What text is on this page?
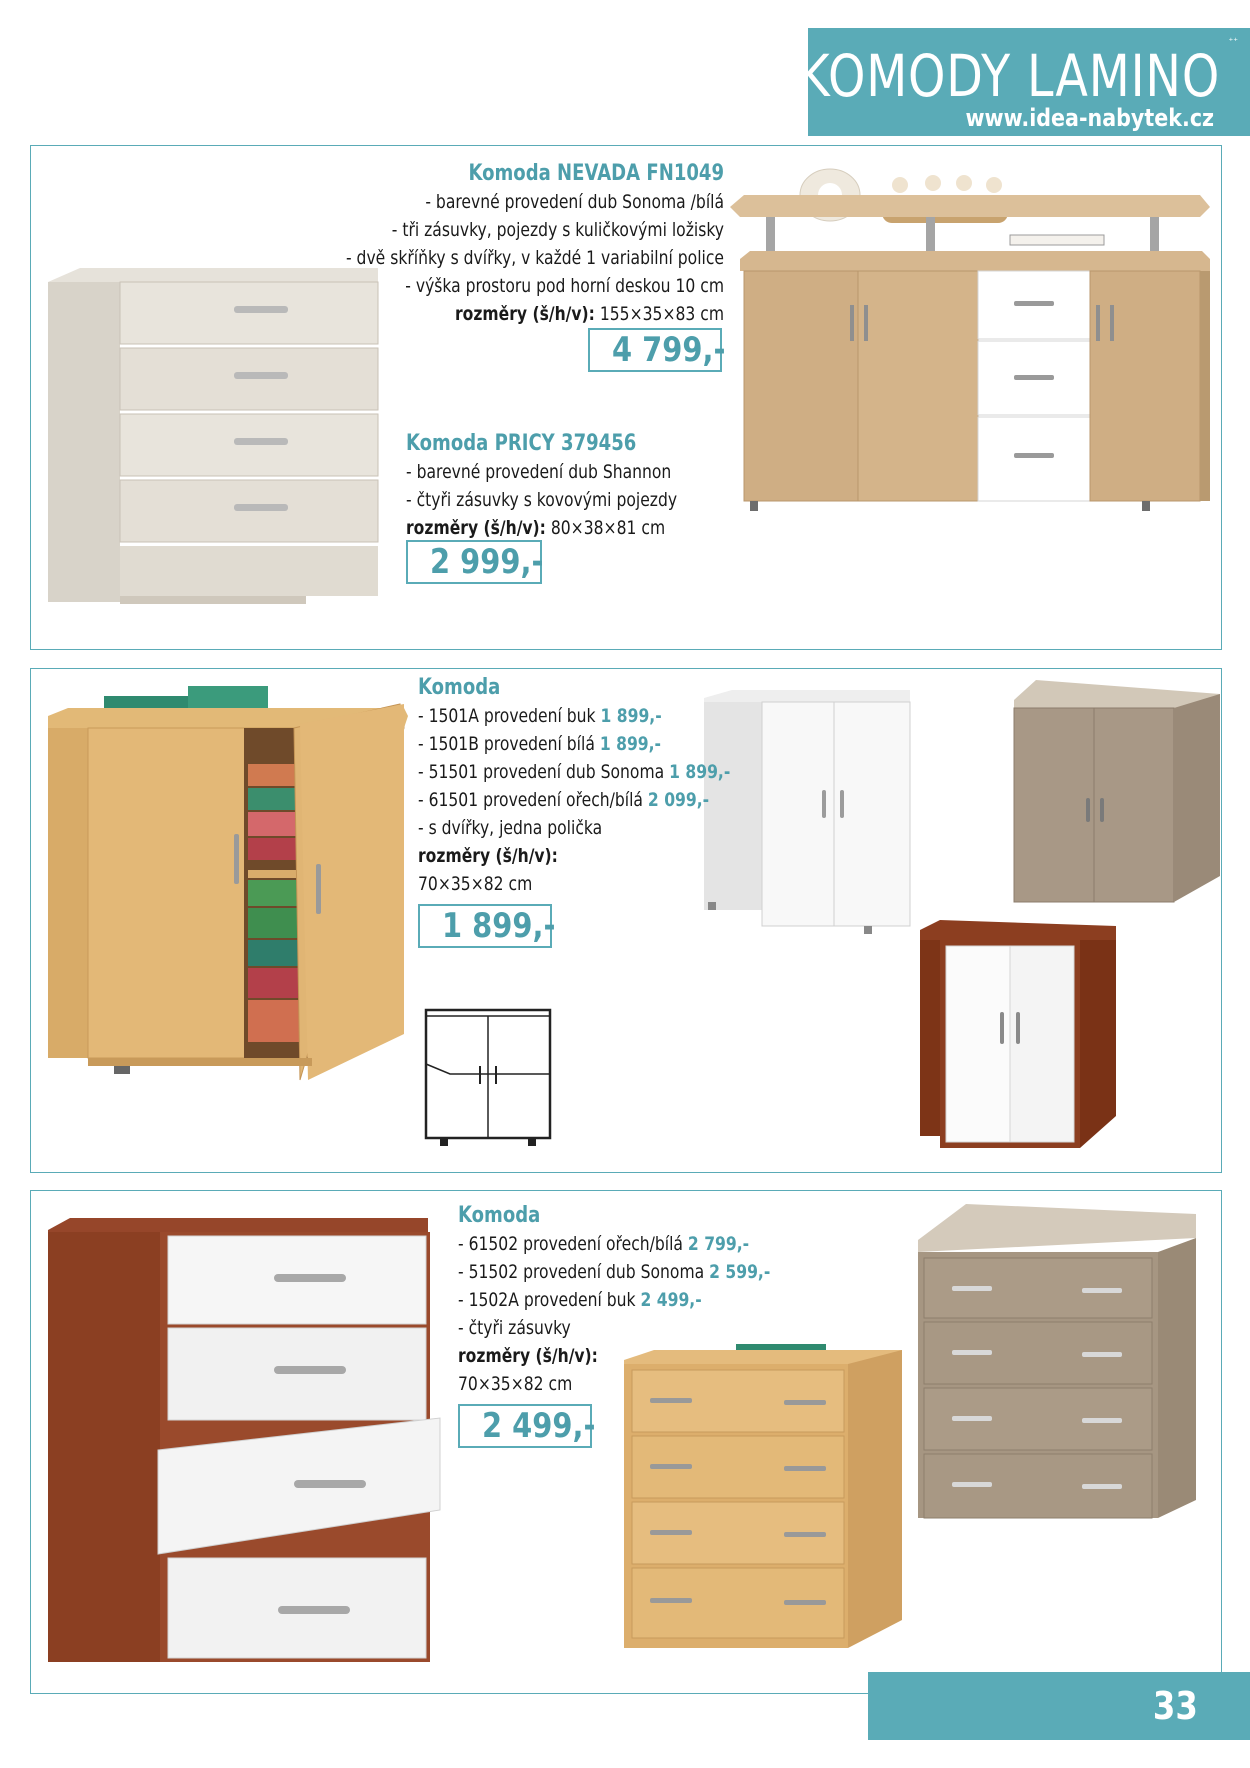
KOMODY LAMINO
www.idea-nabytek.cz
⁺⁺
Komoda NEVADA FN1049
- barevné provedení dub Sonoma /bílá
- tři zásuvky, pojezdy s kuličkovými ložisky
- dvě skříňky s dvířky, v každé 1 variabilní police
- výška prostoru pod horní deskou 10 cm
rozměry (š/h/v): 155×35×83 cm
4 799,-
Komoda PRICY 379456
- barevné provedení dub Shannon
- čtyři zásuvky s kovovými pojezdy
rozměry (š/h/v): 80×38×81 cm
2 999,-
Komoda
- 1501A provedení buk 1 899,-
- 1501B provedení bílá 1 899,-
- 51501 provedení dub Sonoma 1 899,-
- 61501 provedení ořech/bílá 2 099,-
- s dvířky, jedna polička
rozměry (š/h/v):
70×35×82 cm
1 899,-
Komoda
- 61502 provedení ořech/bílá 2 799,-
- 51502 provedení dub Sonoma 2 599,-
- 1502A provedení buk 2 499,-
- čtyři zásuvky
rozměry (š/h/v):
70×35×82 cm
2 499,-
33
